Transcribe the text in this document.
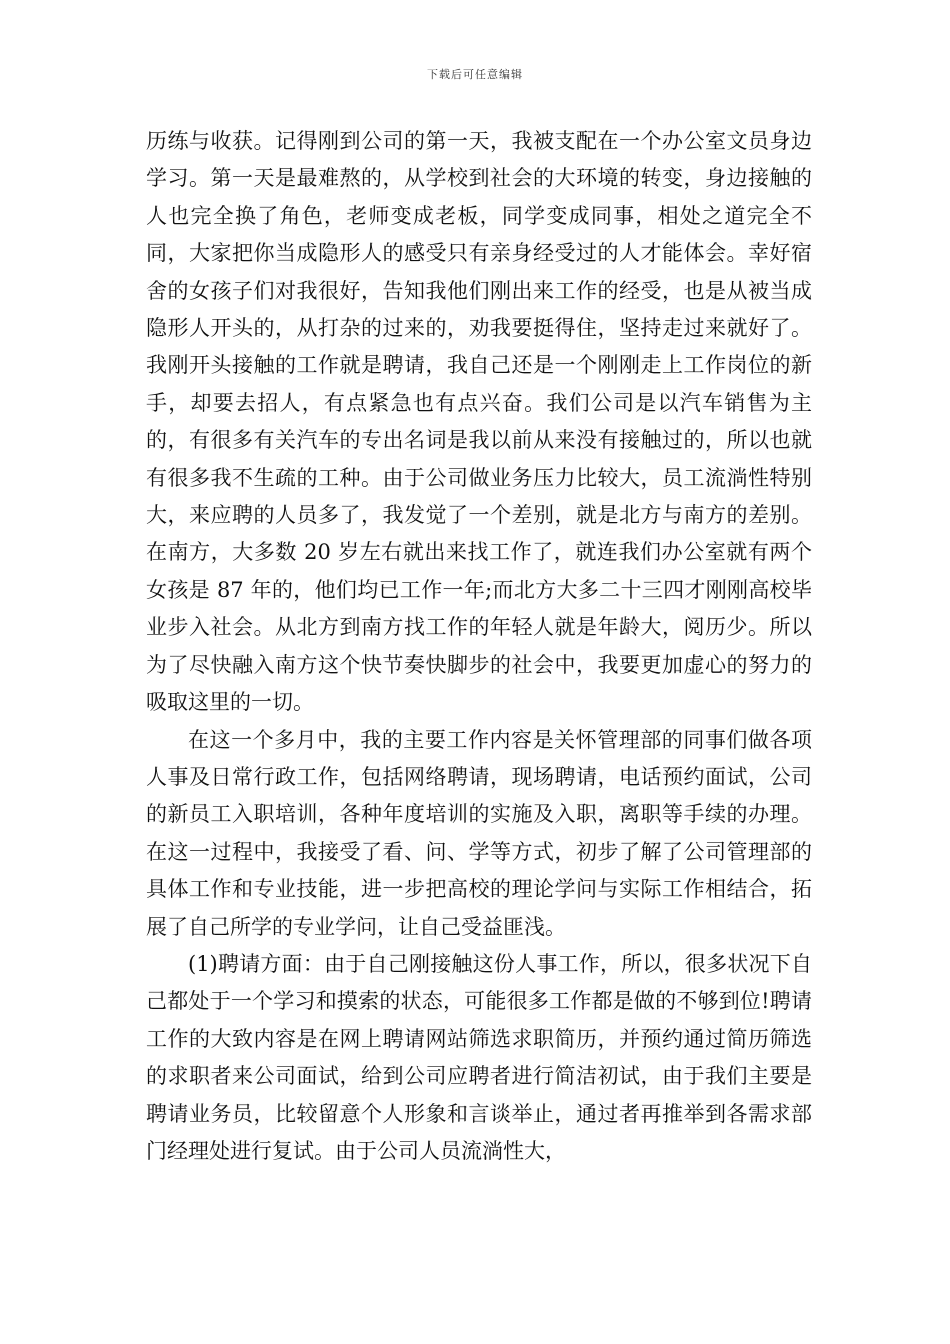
下载后可任意编辑

历练与收获。记得刚到公司的第一天，我被支配在一个办公室文员身边学习。第一天是最难熬的，从学校到社会的大环境的转变，身边接触的人也完全换了角色，老师变成老板，同学变成同事，相处之道完全不同，大家把你当成隐形人的感受只有亲身经受过的人才能体会。幸好宿舍的女孩子们对我很好，告知我他们刚出来工作的经受，也是从被当成隐形人开头的，从打杂的过来的，劝我要挺得住，坚持走过来就好了。我刚开头接触的工作就是聘请，我自己还是一个刚刚走上工作岗位的新手，却要去招人，有点紧急也有点兴奋。我们公司是以汽车销售为主的，有很多有关汽车的专出名词是我以前从来没有接触过的，所以也就有很多我不生疏的工种。由于公司做业务压力比较大，员工流淌性特别大，来应聘的人员多了，我发觉了一个差别，就是北方与南方的差别。在南方，大多数 20 岁左右就出来找工作了，就连我们办公室就有两个女孩是 87 年的，他们均已工作一年;而北方大多二十三四才刚刚高校毕业步入社会。从北方到南方找工作的年轻人就是年龄大，阅历少。所以为了尽快融入南方这个快节奏快脚步的社会中，我要更加虚心的努力的吸取这里的一切。

在这一个多月中，我的主要工作内容是关怀管理部的同事们做各项人事及日常行政工作，包括网络聘请，现场聘请，电话预约面试，公司的新员工入职培训，各种年度培训的实施及入职，离职等手续的办理。在这一过程中，我接受了看、问、学等方式，初步了解了公司管理部的具体工作和专业技能，进一步把高校的理论学问与实际工作相结合，拓展了自己所学的专业学问，让自己受益匪浅。

(1)聘请方面：由于自己刚接触这份人事工作，所以，很多状况下自己都处于一个学习和摸索的状态，可能很多工作都是做的不够到位!聘请工作的大致内容是在网上聘请网站筛选求职简历，并预约通过简历筛选的求职者来公司面试，给到公司应聘者进行简洁初试，由于我们主要是聘请业务员，比较留意个人形象和言谈举止，通过者再推举到各需求部门经理处进行复试。由于公司人员流淌性大，
